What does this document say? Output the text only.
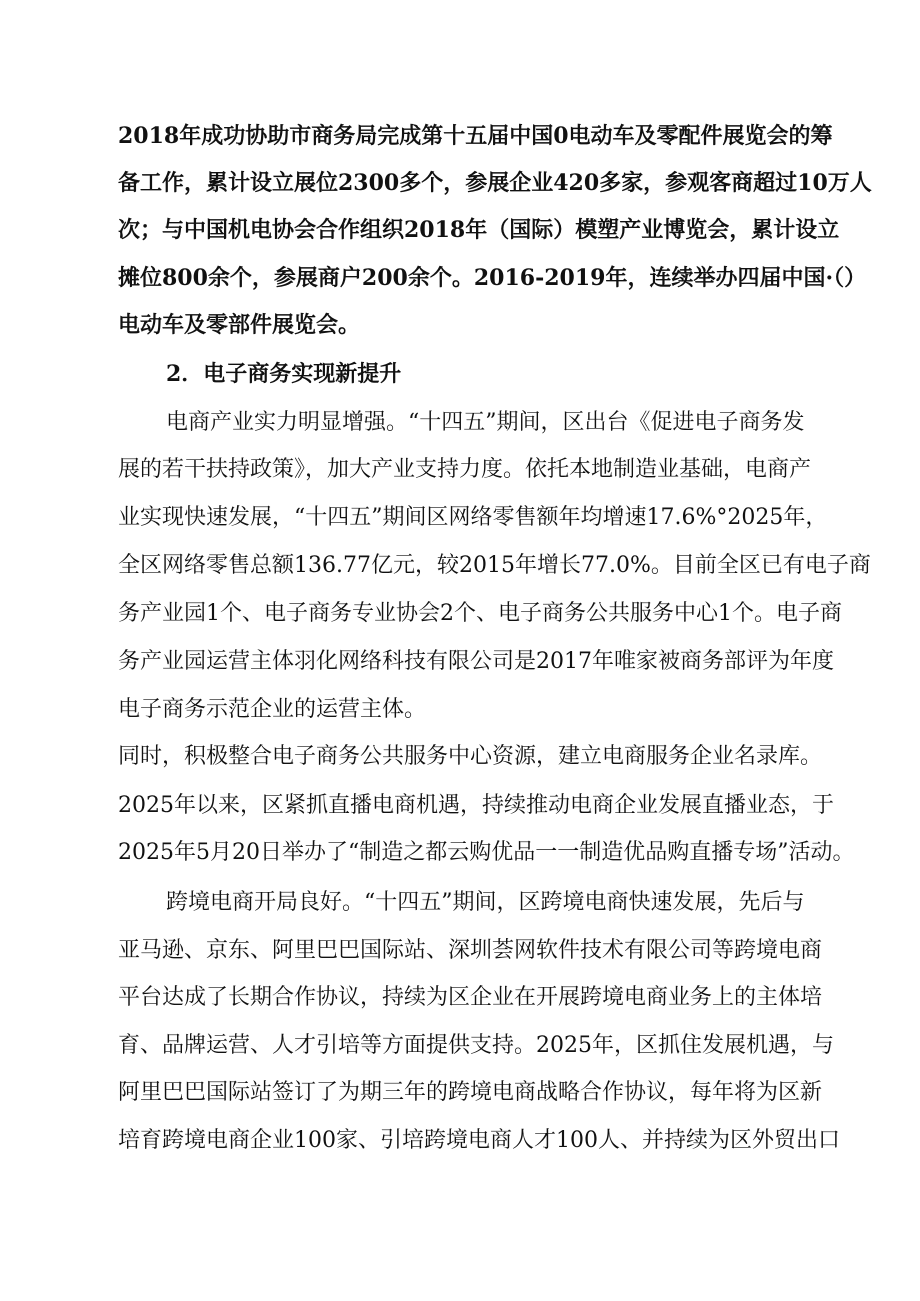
2018年成功协助市商务局完成第十五届中国0电动车及零配件展览会的筹
备工作，累计设立展位2300多个，参展企业420多家，参观客商超过10万人
次；与中国机电协会合作组织2018年（国际）模塑产业博览会，累计设立
摊位800余个，参展商户200余个。2016-2019年，连续举办四届中国·（）
电动车及零部件展览会。
2．电子商务实现新提升
电商产业实力明显增强。“十四五”期间，区出台《促进电子商务发
展的若干扶持政策》，加大产业支持力度。依托本地制造业基础，电商产
业实现快速发展，“十四五”期间区网络零售额年均增速17.6%°2025年，
全区网络零售总额136.77亿元，较2015年增长77.0%。目前全区已有电子商
务产业园1个、电子商务专业协会2个、电子商务公共服务中心1个。电子商
务产业园运营主体羽化网络科技有限公司是2017年唯家被商务部评为年度
电子商务示范企业的运营主体。
同时，积极整合电子商务公共服务中心资源，建立电商服务企业名录库。
2025年以来，区紧抓直播电商机遇，持续推动电商企业发展直播业态，于
2025年5月20日举办了“制造之都云购优品一一制造优品购直播专场”活动。
跨境电商开局良好。“十四五”期间，区跨境电商快速发展，先后与
亚马逊、京东、阿里巴巴国际站、深圳荟网软件技术有限公司等跨境电商
平台达成了长期合作协议，持续为区企业在开展跨境电商业务上的主体培
育、品牌运营、人才引培等方面提供支持。2025年，区抓住发展机遇，与
阿里巴巴国际站签订了为期三年的跨境电商战略合作协议，每年将为区新
培育跨境电商企业100家、引培跨境电商人才100人、并持续为区外贸出口
